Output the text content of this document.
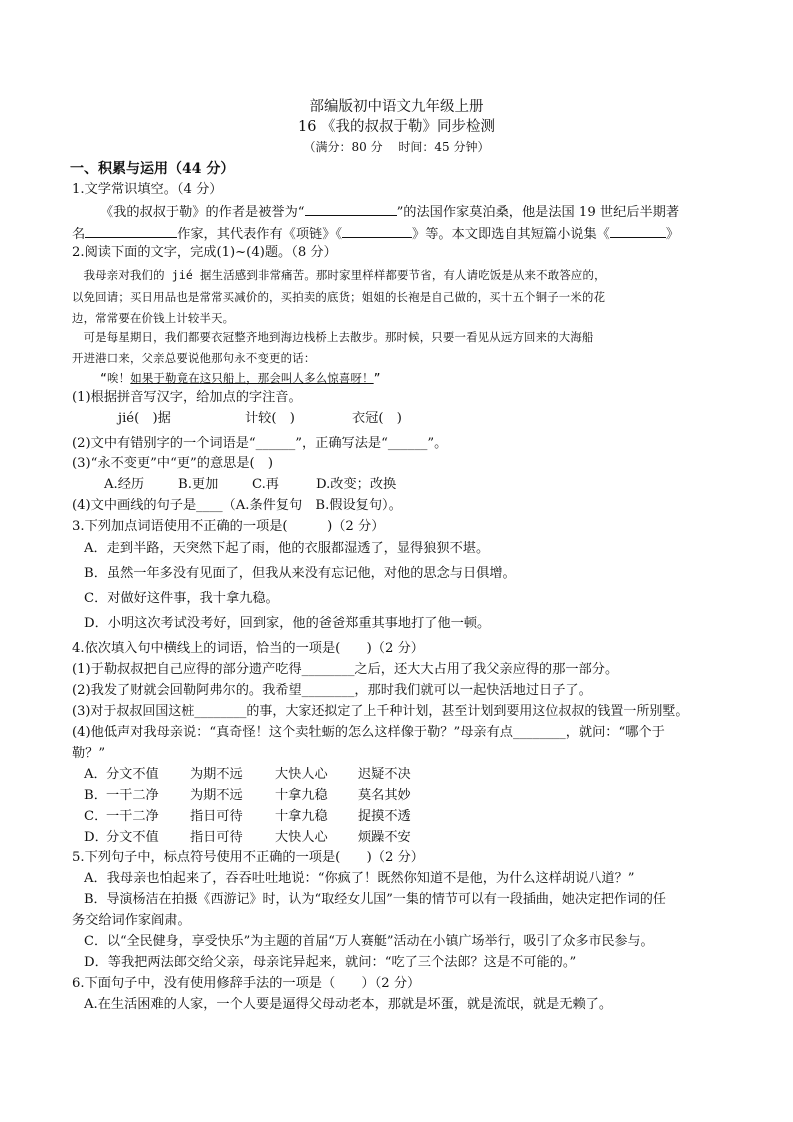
部编版初中语文九年级上册
16 《我的叔叔于勒》同步检测
（满分：80 分　 时间：45 分钟）
一、积累与运用（44 分）
1.文学常识填空。（4 分）
《我的叔叔于勒》的作者是被誉为“	”的法国作家莫泊桑，他是法国 19 世纪后半期著
名	作家，其代表作有《项链》《	》等。本文即选自其短篇小说集《	》
2.阅读下面的文字，完成(1)~(4)题。（8 分）
　我母亲对我们的 jié 据生活感到非常痛苦。那时家里样样都要节省，有人请吃饭是从来不敢答应的，
以免回请；买日用品也是常常买减价的，买拍卖的底货；姐姐的长袍是自己做的，买十五个铜子一米的花
边，常常要在价钱上计较半天。
　可是每星期日，我们都要衣冠整齐地到海边栈桥上去散步。那时候，只要一看见从远方回来的大海船
开进港口来，父亲总要说他那句永不变更的话：
“唉！如果于勒竟在这只船上，那会叫人多么惊喜呀！”
(1)根据拼音写汉字，给加点的字注音。
jié(　)据	计较(　)	衣冠(　)
(2)文中有错别字的一个词语是“______”，正确写法是“______”。
(3)“永不变更”中“更”的意思是(　)
A.经历	B.更加	C.再	D.改变；改换
(4)文中画线的句子是____（A.条件复句　B.假设复句）。
3.下列加点词语使用不正确的一项是(　　　)（2 分）
A．走到半路，天突然下起了雨，他的衣服都湿透了，显得狼狈不堪。
B．虽然一年多没有见面了，但我从来没有忘记他，对他的思念与日俱增。
C．对做好这件事，我十拿九稳。
D．小明这次考试没考好，回到家，他的爸爸郑重其事地打了他一顿。
4.依次填入句中横线上的词语，恰当的一项是(　　)（2 分）
(1)于勒叔叔把自己应得的部分遗产吃得________之后，还大大占用了我父亲应得的那一部分。
(2)我发了财就会回勒阿弗尔的。我希望________，那时我们就可以一起快活地过日子了。
(3)对于叔叔回国这桩________的事，大家还拟定了上千种计划，甚至计划到要用这位叔叔的钱置一所别墅。
(4)他低声对我母亲说：“真奇怪！这个卖牡蛎的怎么这样像于勒？”母亲有点________，就问：“哪个于
勒？”
A． 分文不值 为期不远 大快人心 迟疑不决
B． 一干二净 为期不远 十拿九稳 莫名其妙
C．
一干二净 指日可待 十拿九稳 捉摸不透
D．
分文不值 指日可待 大快人心 烦躁不安
5.下列句子中，标点符号使用不正确的一项是(　　)（2 分）
A．我母亲也怕起来了，吞吞吐吐地说：“你疯了！既然你知道不是他，为什么这样胡说八道？”
B．导演杨洁在拍摄《西游记》时，认为“取经女儿国”一集的情节可以有一段插曲，她决定把作词的任
务交给词作家阎肃。
C．以“全民健身，享受快乐”为主题的首届“万人赛艇”活动在小镇广场举行，吸引了众多市民参与。
D．等我把两法郎交给父亲，母亲诧异起来，就问：“吃了三个法郎？这是不可能的。”
6.下面句子中，没有使用修辞手法的一项是（　　）（2 分）
A.在生活困难的人家，一个人要是逼得父母动老本，那就是坏蛋，就是流氓，就是无赖了。
